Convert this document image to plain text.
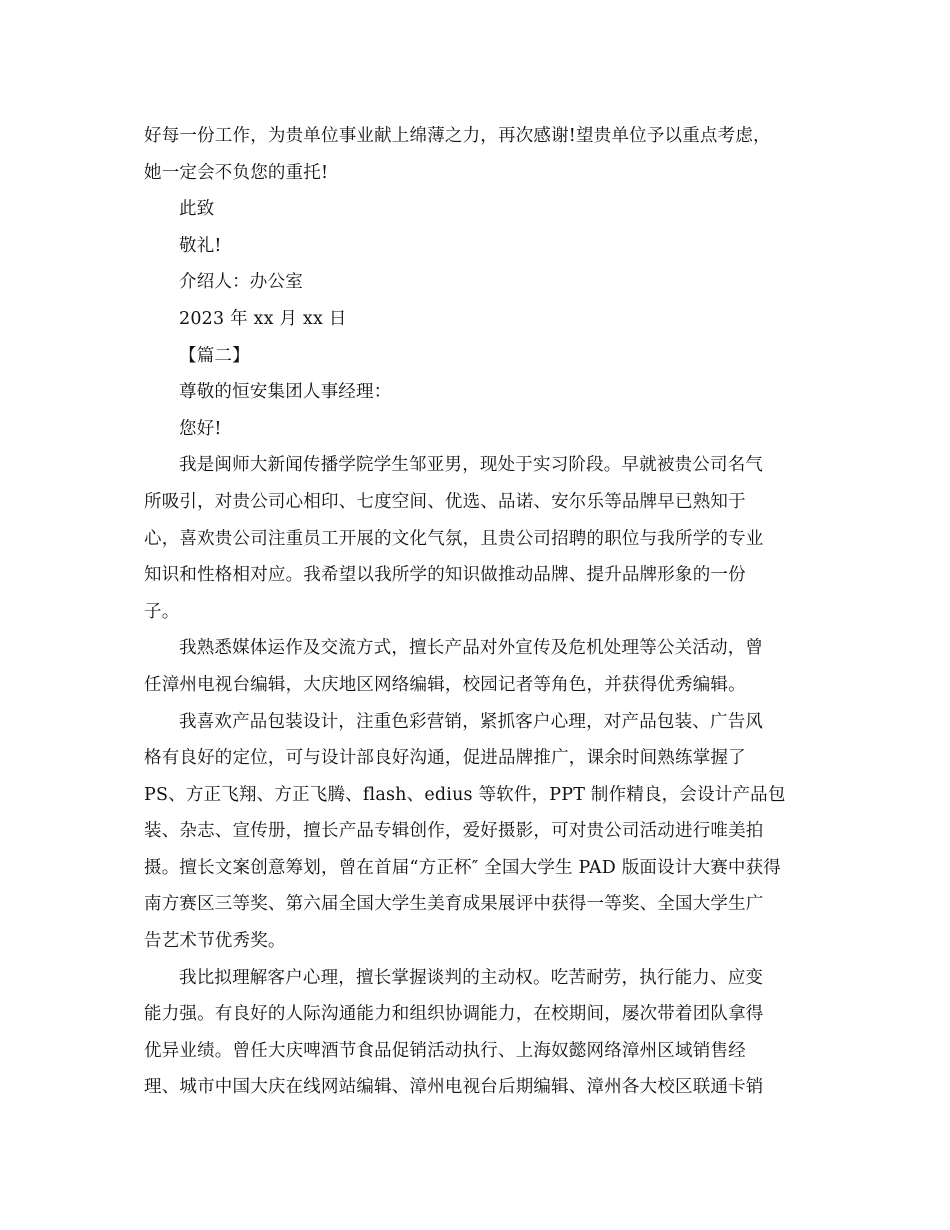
好每一份工作，为贵单位事业献上绵薄之力，再次感谢!望贵单位予以重点考虑，
她一定会不负您的重托!
此致
敬礼!
介绍人：办公室
2023 年 xx 月 xx 日
【篇二】
尊敬的恒安集团人事经理：
您好!
我是闽师大新闻传播学院学生邹亚男，现处于实习阶段。早就被贵公司名气
所吸引，对贵公司心相印、七度空间、优选、品诺、安尔乐等品牌早已熟知于
心，喜欢贵公司注重员工开展的文化气氛，且贵公司招聘的职位与我所学的专业
知识和性格相对应。我希望以我所学的知识做推动品牌、提升品牌形象的一份
子。
我熟悉媒体运作及交流方式，擅长产品对外宣传及危机处理等公关活动，曾
任漳州电视台编辑，大庆地区网络编辑，校园记者等角色，并获得优秀编辑。
我喜欢产品包装设计，注重色彩营销，紧抓客户心理，对产品包装、广告风
格有良好的定位，可与设计部良好沟通，促进品牌推广，课余时间熟练掌握了
PS、方正飞翔、方正飞腾、flash、edius 等软件，PPT 制作精良，会设计产品包
装、杂志、宣传册，擅长产品专辑创作，爱好摄影，可对贵公司活动进行唯美拍
摄。擅长文案创意筹划，曾在首届“方正杯″ 全国大学生 PAD 版面设计大赛中获得
南方赛区三等奖、第六届全国大学生美育成果展评中获得一等奖、全国大学生广
告艺术节优秀奖。
我比拟理解客户心理，擅长掌握谈判的主动权。吃苦耐劳，执行能力、应变
能力强。有良好的人际沟通能力和组织协调能力，在校期间，屡次带着团队拿得
优异业绩。曾任大庆啤酒节食品促销活动执行、上海奴懿网络漳州区域销售经
理、城市中国大庆在线网站编辑、漳州电视台后期编辑、漳州各大校区联通卡销
